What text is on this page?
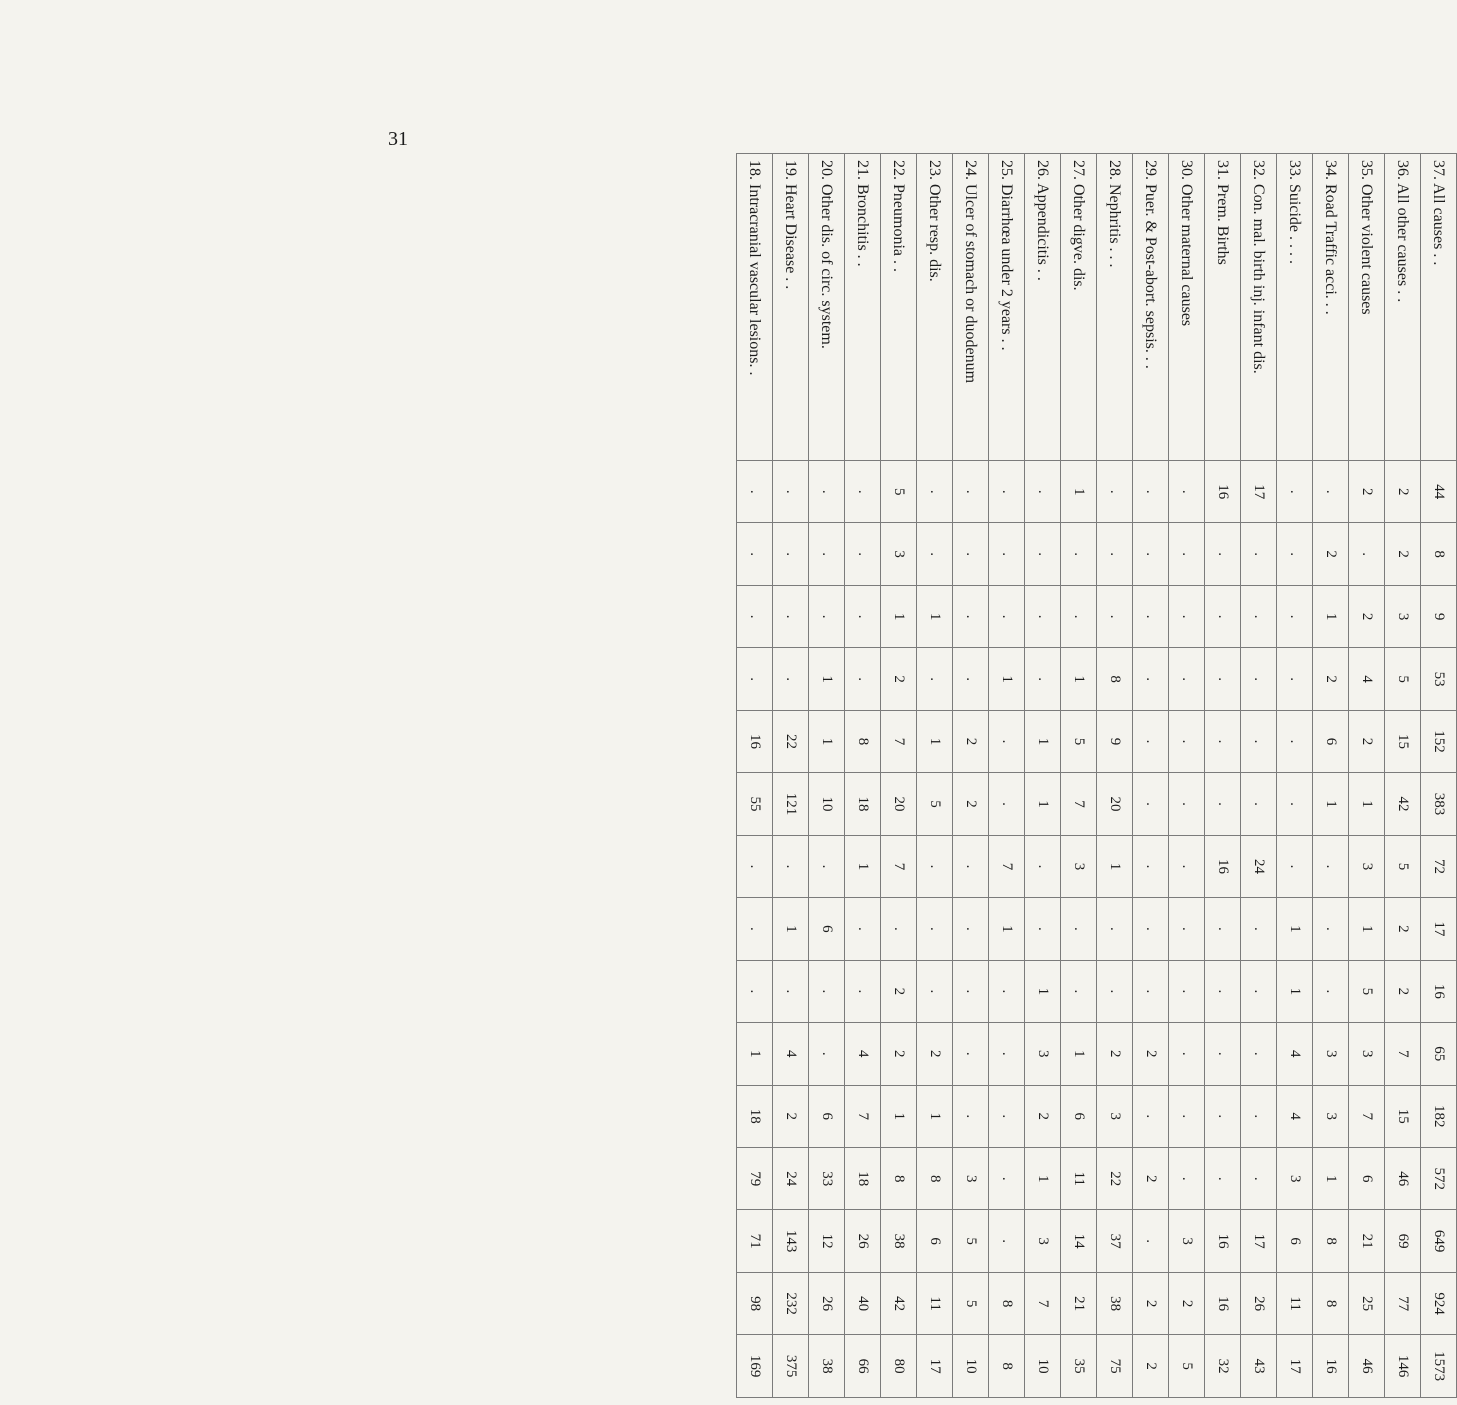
31
37. All causes . .	44	8	9	53	152	383	72	17	16	65	182	572	649	924	1573
36. All other causes . .	2	2	3	5	15	42	5	2	2	7	15	46	69	77	146
35. Other violent causes	2	.	2	4	2	1	3	1	5	3	7	6	21	25	46
34. Road Traffic acci. . .	.	2	1	2	6	1	.	.	.	3	3	1	8	8	16
33. Suicide . . . .	.	.	.	.	.	.	.	1	1	4	4	3	6	11	17
32. Con. mal. birth inj. infant dis.	17	.	.	.	.	.	24	.	.	.	.	.	17	26	43
31. Prem. Births	16	.	.	.	.	.	16	.	.	.	.	.	16	16	32
30. Other maternal causes	.	.	.	.	.	.	.	.	.	.	.	.	3	2	5
29. Puer. & Post-abort. sepsis. . .	.	.	.	.	.	.	.	.	.	2	.	2	.	2	2
28. Nephritis . . .	.	.	.	8	9	20	1	.	.	2	3	22	37	38	75
27. Other digve. dis.	1	.	.	1	5	7	3	.	.	1	6	11	14	21	35
26. Appendicitis . .	.	.	.	.	1	1	.	.	1	3	2	1	3	7	10
25. Diarrhœa under 2 years . .	.	.	.	1	.	.	7	1	.	.	.	.	.	8	8
24. Ulcer of stomach or duodenum	.	.	.	.	2	2	.	.	.	.	.	3	5	5	10
23. Other resp. dis.	.	.	1	.	1	5	.	.	.	2	1	8	6	11	17
22. Pneumonia . .	5	3	1	2	7	20	7	.	2	2	1	8	38	42	80
21. Bronchitis . .	.	.	.	.	8	18	1	.	.	4	7	18	26	40	66
20. Other dis. of circ. system.	.	.	.	1	1	10	.	6	.	.	6	33	12	26	38
19. Heart Disease . .	.	.	.	.	22	121	.	1	.	4	2	24	143	232	375
18. Intracranial vascular lesions. .	.	.	.	.	16	55	.	.	.	1	18	79	71	98	169
